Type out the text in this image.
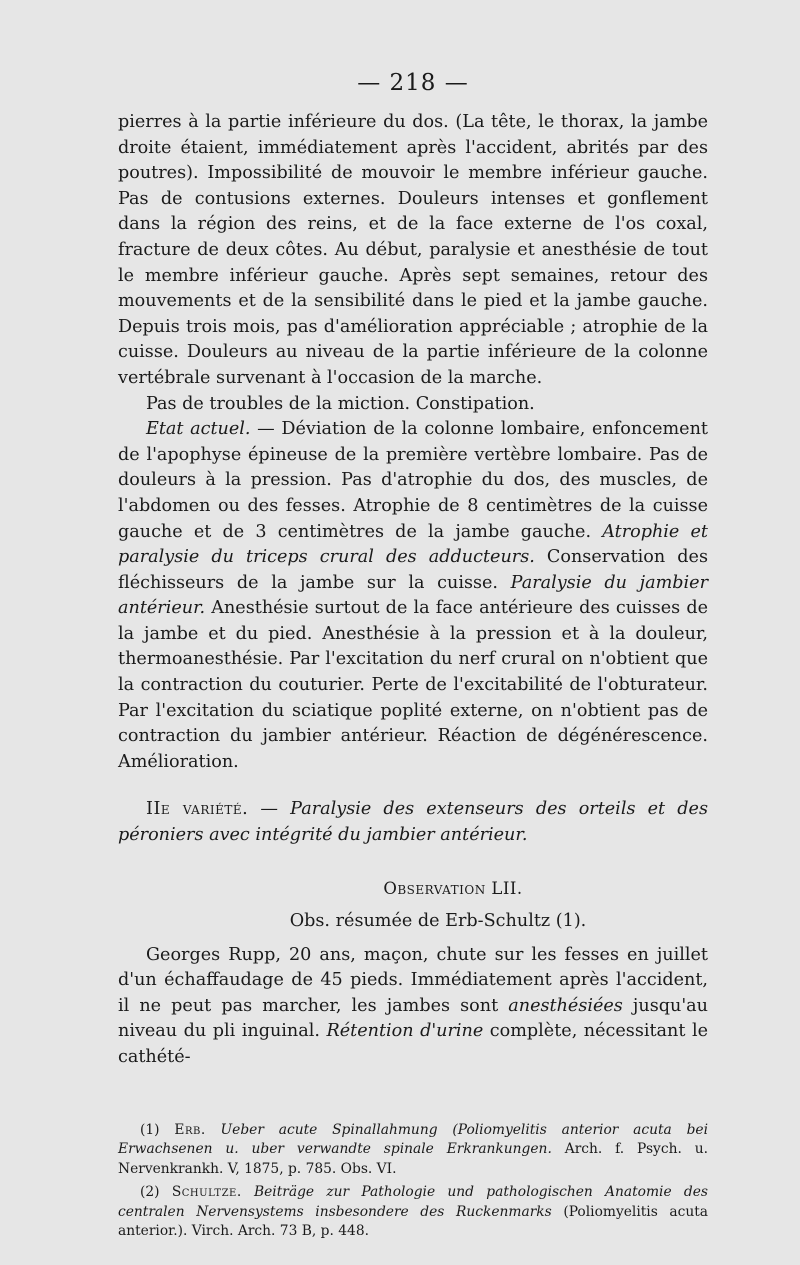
— 218 —

pierres à la partie inférieure du dos. (La tête, le thorax, la jambe droite étaient, immédiatement après l'accident, abrités par des poutres). Impossibilité de mouvoir le membre inférieur gauche. Pas de contusions externes. Douleurs intenses et gonflement dans la région des reins, et de la face externe de l'os coxal, fracture de deux côtes. Au début, paralysie et anesthésie de tout le membre inférieur gauche. Après sept semaines, retour des mouvements et de la sensibilité dans le pied et la jambe gauche. Depuis trois mois, pas d'amélioration appréciable ; atrophie de la cuisse. Douleurs au niveau de la partie inférieure de la colonne vertébrale survenant à l'occasion de la marche.

Pas de troubles de la miction. Constipation.

Etat actuel. — Déviation de la colonne lombaire, enfoncement de l'apophyse épineuse de la première vertèbre lombaire. Pas de douleurs à la pression. Pas d'atrophie du dos, des muscles, de l'abdomen ou des fesses. Atrophie de 8 centimètres de la cuisse gauche et de 3 centimètres de la jambe gauche. Atrophie et paralysie du triceps crural des adducteurs. Conservation des fléchisseurs de la jambe sur la cuisse. Paralysie du jambier antérieur. Anesthésie surtout de la face antérieure des cuisses de la jambe et du pied. Anesthésie à la pression et à la douleur, thermoanesthésie. Par l'excitation du nerf crural on n'obtient que la contraction du couturier. Perte de l'excitabilité de l'obturateur. Par l'excitation du sciatique poplité externe, on n'obtient pas de contraction du jambier antérieur. Réaction de dégénérescence. Amélioration.

IIe variété. — Paralysie des extenseurs des orteils et des péroniers avec intégrité du jambier antérieur.

Observation LII.
Obs. résumée de Erb-Schultz (1).

Georges Rupp, 20 ans, maçon, chute sur les fesses en juillet d'un échaffaudage de 45 pieds. Immédiatement après l'accident, il ne peut pas marcher, les jambes sont anesthésiées jusqu'au niveau du pli inguinal. Rétention d'urine complète, nécessitant le cathété-

(1) Erb. Ueber acute Spinallahmung (Poliomyelitis anterior acuta bei Erwachsenen u. uber verwandte spinale Erkrankungen. Arch. f. Psych. u. Nervenkrankh. V, 1875, p. 785. Obs. VI.

(2) Schultze. Beiträge zur Pathologie und pathologischen Anatomie des centralen Nervensystems insbesondere des Ruckenmarks (Poliomyelitis acuta anterior.). Virch. Arch. 73 B, p. 448.
